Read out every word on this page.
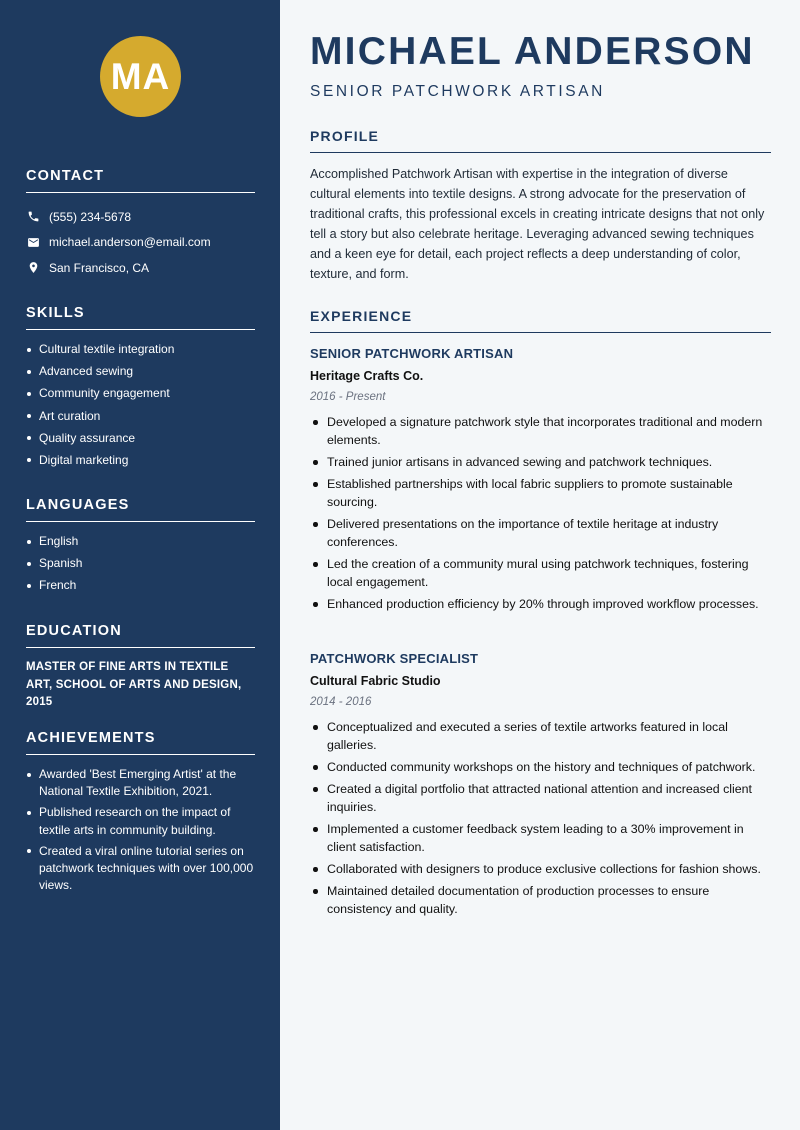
MA
CONTACT
(555) 234-5678
michael.anderson@email.com
San Francisco, CA
SKILLS
Cultural textile integration
Advanced sewing
Community engagement
Art curation
Quality assurance
Digital marketing
LANGUAGES
English
Spanish
French
EDUCATION
MASTER OF FINE ARTS IN TEXTILE ART, SCHOOL OF ARTS AND DESIGN, 2015
ACHIEVEMENTS
Awarded 'Best Emerging Artist' at the National Textile Exhibition, 2021.
Published research on the impact of textile arts in community building.
Created a viral online tutorial series on patchwork techniques with over 100,000 views.
MICHAEL ANDERSON
SENIOR PATCHWORK ARTISAN
PROFILE

Accomplished Patchwork Artisan with expertise in the integration of diverse cultural elements into textile designs. A strong advocate for the preservation of traditional crafts, this professional excels in creating intricate designs that not only tell a story but also celebrate heritage. Leveraging advanced sewing techniques and a keen eye for detail, each project reflects a deep understanding of color, texture, and form.

EXPERIENCE
SENIOR PATCHWORK ARTISAN
Heritage Crafts Co.
2016 - Present
Developed a signature patchwork style that incorporates traditional and modern elements.
Trained junior artisans in advanced sewing and patchwork techniques.
Established partnerships with local fabric suppliers to promote sustainable sourcing.
Delivered presentations on the importance of textile heritage at industry conferences.
Led the creation of a community mural using patchwork techniques, fostering local engagement.
Enhanced production efficiency by 20% through improved workflow processes.
PATCHWORK SPECIALIST
Cultural Fabric Studio
2014 - 2016
Conceptualized and executed a series of textile artworks featured in local galleries.
Conducted community workshops on the history and techniques of patchwork.
Created a digital portfolio that attracted national attention and increased client inquiries.
Implemented a customer feedback system leading to a 30% improvement in client satisfaction.
Collaborated with designers to produce exclusive collections for fashion shows.
Maintained detailed documentation of production processes to ensure consistency and quality.
